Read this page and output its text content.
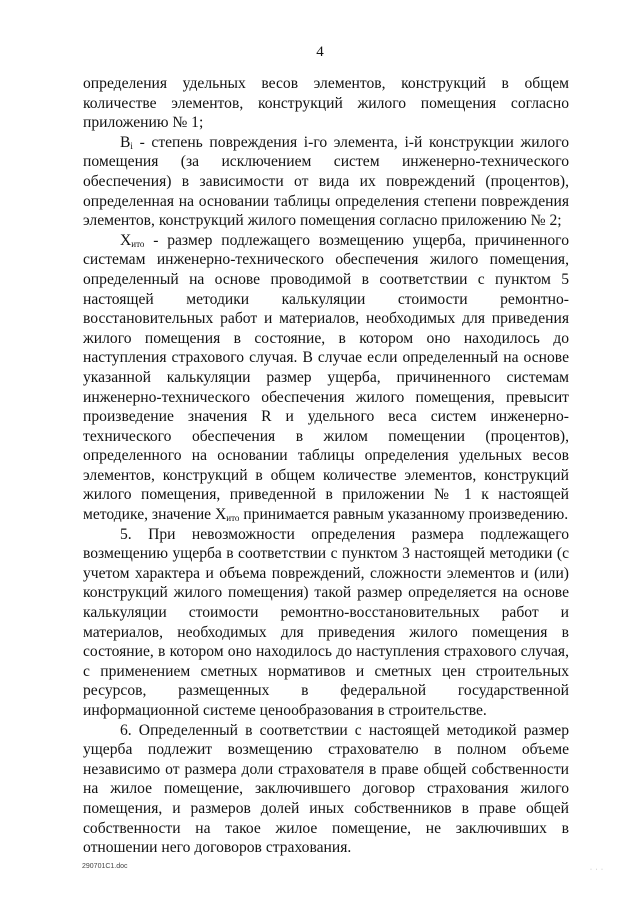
4

определения удельных весов элементов, конструкций в общем количестве элементов, конструкций жилого помещения согласно приложению № 1;

$B_i$ - степень повреждения i-го элемента, i-й конструкции жилого помещения (за исключением систем инженерно-технического обеспечения) в зависимости от вида их повреждений (процентов), определенная на основании таблицы определения степени повреждения элементов, конструкций жилого помещения согласно приложению № 2;

$X_{ито}$ - размер подлежащего возмещению ущерба, причиненного системам инженерно-технического обеспечения жилого помещения, определенный на основе проводимой в соответствии с пунктом 5 настоящей методики калькуляции стоимости ремонтно-восстановительных работ и материалов, необходимых для приведения жилого помещения в состояние, в котором оно находилось до наступления страхового случая. В случае если определенный на основе указанной калькуляции размер ущерба, причиненного системам инженерно-технического обеспечения жилого помещения, превысит произведение значения R и удельного веса систем инженерно-технического обеспечения в жилом помещении (процентов), определенного на основании таблицы определения удельных весов элементов, конструкций в общем количестве элементов, конструкций жилого помещения, приведенной в приложении № 1 к настоящей методике, значение $X_{ито}$ принимается равным указанному произведению.

5. При невозможности определения размера подлежащего возмещению ущерба в соответствии с пунктом 3 настоящей методики (с учетом характера и объема повреждений, сложности элементов и (или) конструкций жилого помещения) такой размер определяется на основе калькуляции стоимости ремонтно-восстановительных работ и материалов, необходимых для приведения жилого помещения в состояние, в котором оно находилось до наступления страхового случая, с применением сметных нормативов и сметных цен строительных ресурсов, размещенных в федеральной государственной информационной системе ценообразования в строительстве.

6. Определенный в соответствии с настоящей методикой размер ущерба подлежит возмещению страхователю в полном объеме независимо от размера доли страхователя в праве общей собственности на жилое помещение, заключившего договор страхования жилого помещения, и размеров долей иных собственников в праве общей собственности на такое жилое помещение, не заключивших в отношении него договоров страхования.

290701C1.doc	· · ·
